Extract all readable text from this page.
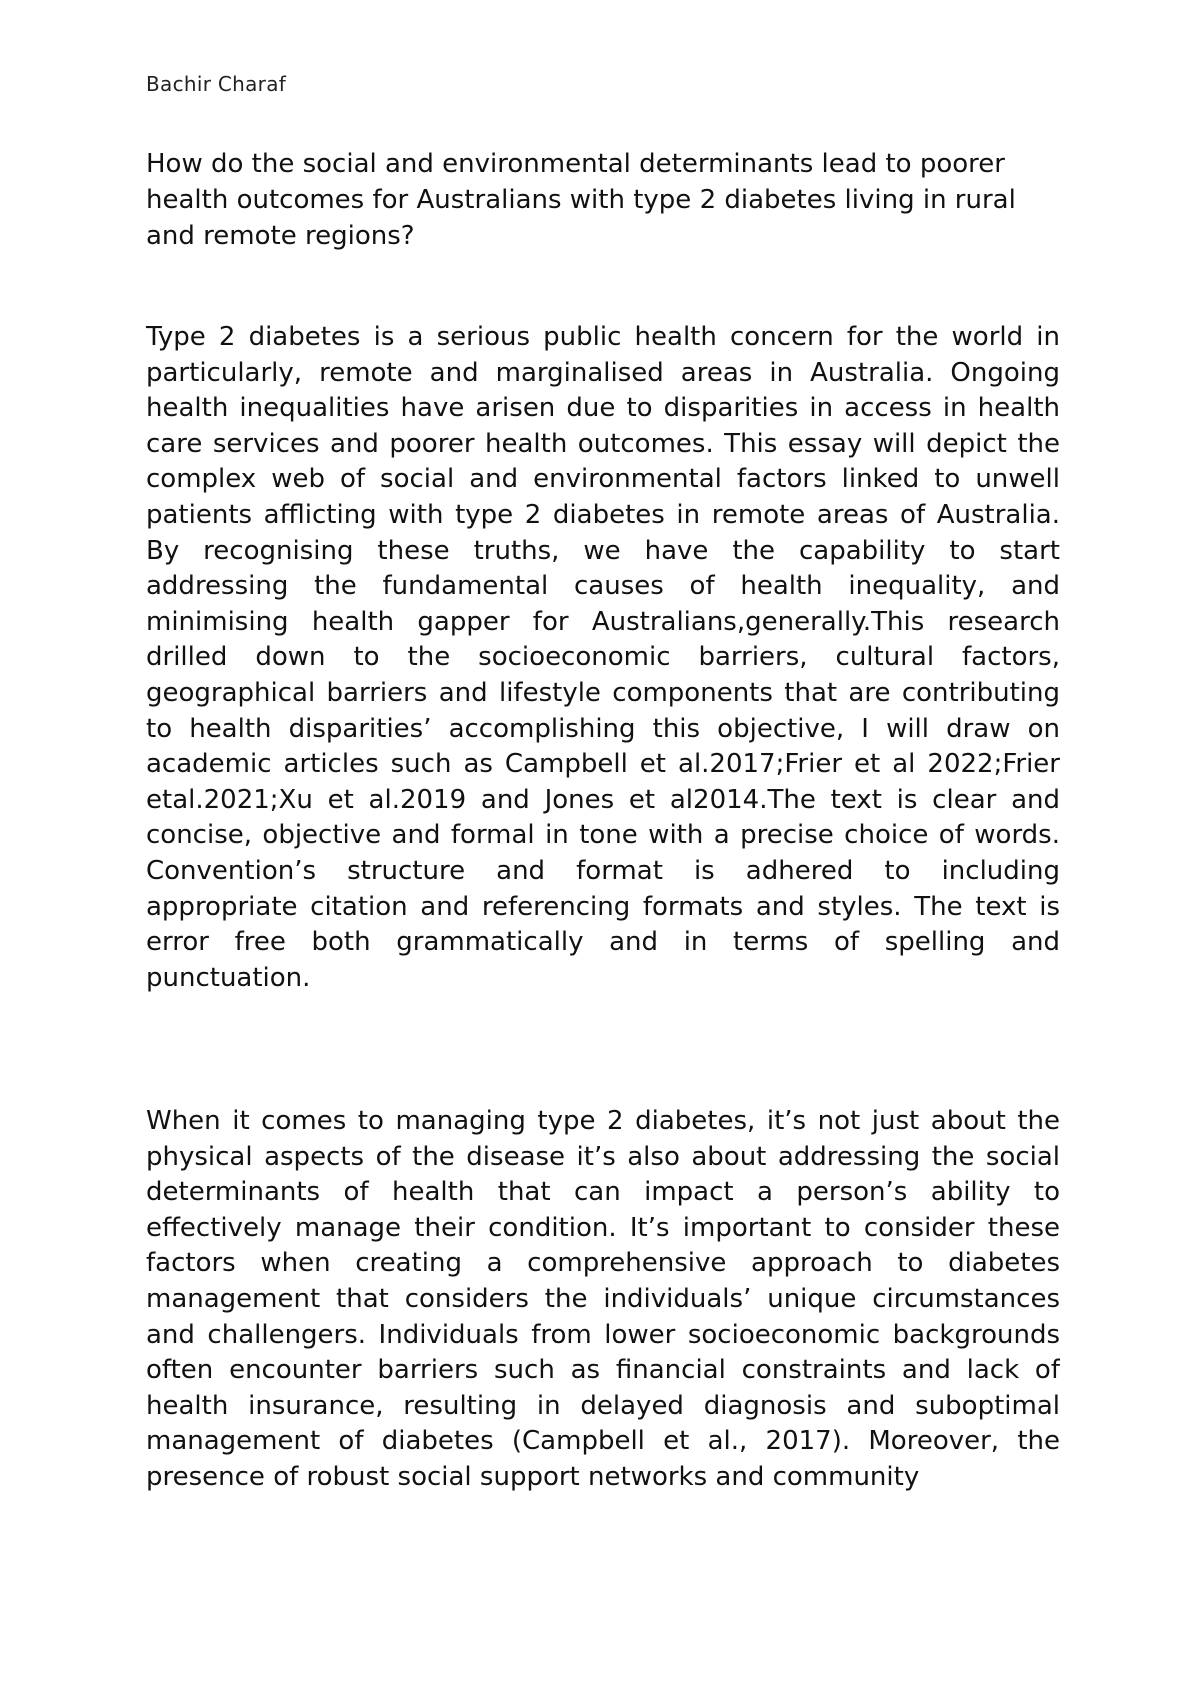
Bachir Charaf
How do the social and environmental determinants lead to poorer health outcomes for Australians with type 2 diabetes living in rural and remote regions?
Type 2 diabetes is a serious public health concern for the world in particularly, remote and marginalised areas in Australia. Ongoing health inequalities have arisen due to disparities in access in health care services and poorer health outcomes. This essay will depict the complex web of social and environmental factors linked to unwell patients afflicting with type 2 diabetes in remote areas of Australia. By recognising these truths, we have the capability to start addressing the fundamental causes of health inequality, and minimising health gapper for Australians,generally.This research drilled down to the socioeconomic barriers, cultural factors, geographical barriers and lifestyle components that are contributing to health disparities’ accomplishing this objective, I will draw on academic articles such as Campbell et al.2017;Frier et al 2022;Frier etal.2021;Xu et al.2019 and Jones et al2014.The text is clear and concise, objective and formal in tone with a precise choice of words. Convention’s structure and format is adhered to including appropriate citation and referencing formats and styles. The text is error free both grammatically and in terms of spelling and punctuation.
When it comes to managing type 2 diabetes, it’s not just about the physical aspects of the disease it’s also about addressing the social determinants of health that can impact a person’s ability to effectively manage their condition. It’s important to consider these factors when creating a comprehensive approach to diabetes management that considers the individuals’ unique circumstances and challengers. Individuals from lower socioeconomic backgrounds often encounter barriers such as financial constraints and lack of health insurance, resulting in delayed diagnosis and suboptimal management of diabetes (Campbell et al., 2017). Moreover, the presence of robust social support networks and community
